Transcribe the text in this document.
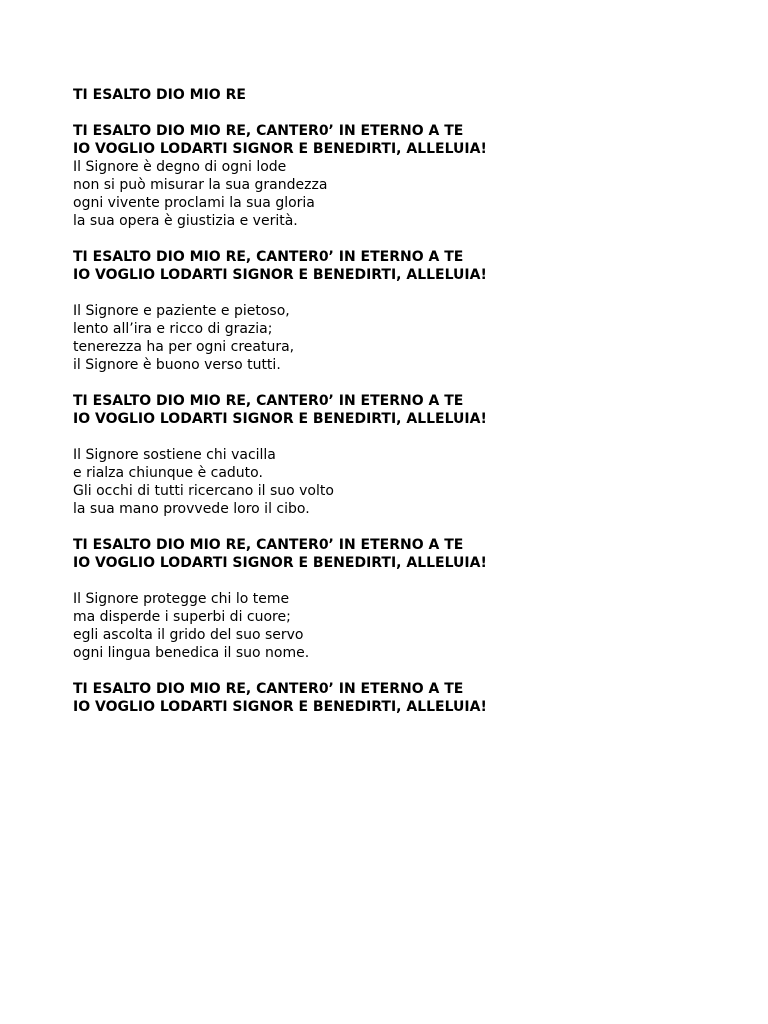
TI ESALTO DIO MIO RE
TI ESALTO DIO MIO RE, CANTER0’ IN ETERNO A TE
IO VOGLIO LODARTI SIGNOR E BENEDIRTI, ALLELUIA!
Il Signore è degno di ogni lode
non si può misurar la sua grandezza
ogni vivente proclami la sua gloria
la sua opera è giustizia e verità.
TI ESALTO DIO MIO RE, CANTER0’ IN ETERNO A TE
IO VOGLIO LODARTI SIGNOR E BENEDIRTI, ALLELUIA!
Il Signore e paziente e pietoso,
lento all’ira e ricco di grazia;
tenerezza ha per ogni creatura,
il Signore è buono verso tutti.
TI ESALTO DIO MIO RE, CANTER0’ IN ETERNO A TE
IO VOGLIO LODARTI SIGNOR E BENEDIRTI, ALLELUIA!
Il Signore sostiene chi vacilla
e rialza chiunque è caduto.
Gli occhi di tutti ricercano il suo volto
la sua mano provvede loro il cibo.
TI ESALTO DIO MIO RE, CANTER0’ IN ETERNO A TE
IO VOGLIO LODARTI SIGNOR E BENEDIRTI, ALLELUIA!
Il Signore protegge chi lo teme
ma disperde i superbi di cuore;
egli ascolta il grido del suo servo
ogni lingua benedica il suo nome.
TI ESALTO DIO MIO RE, CANTER0’ IN ETERNO A TE
IO VOGLIO LODARTI SIGNOR E BENEDIRTI, ALLELUIA!
